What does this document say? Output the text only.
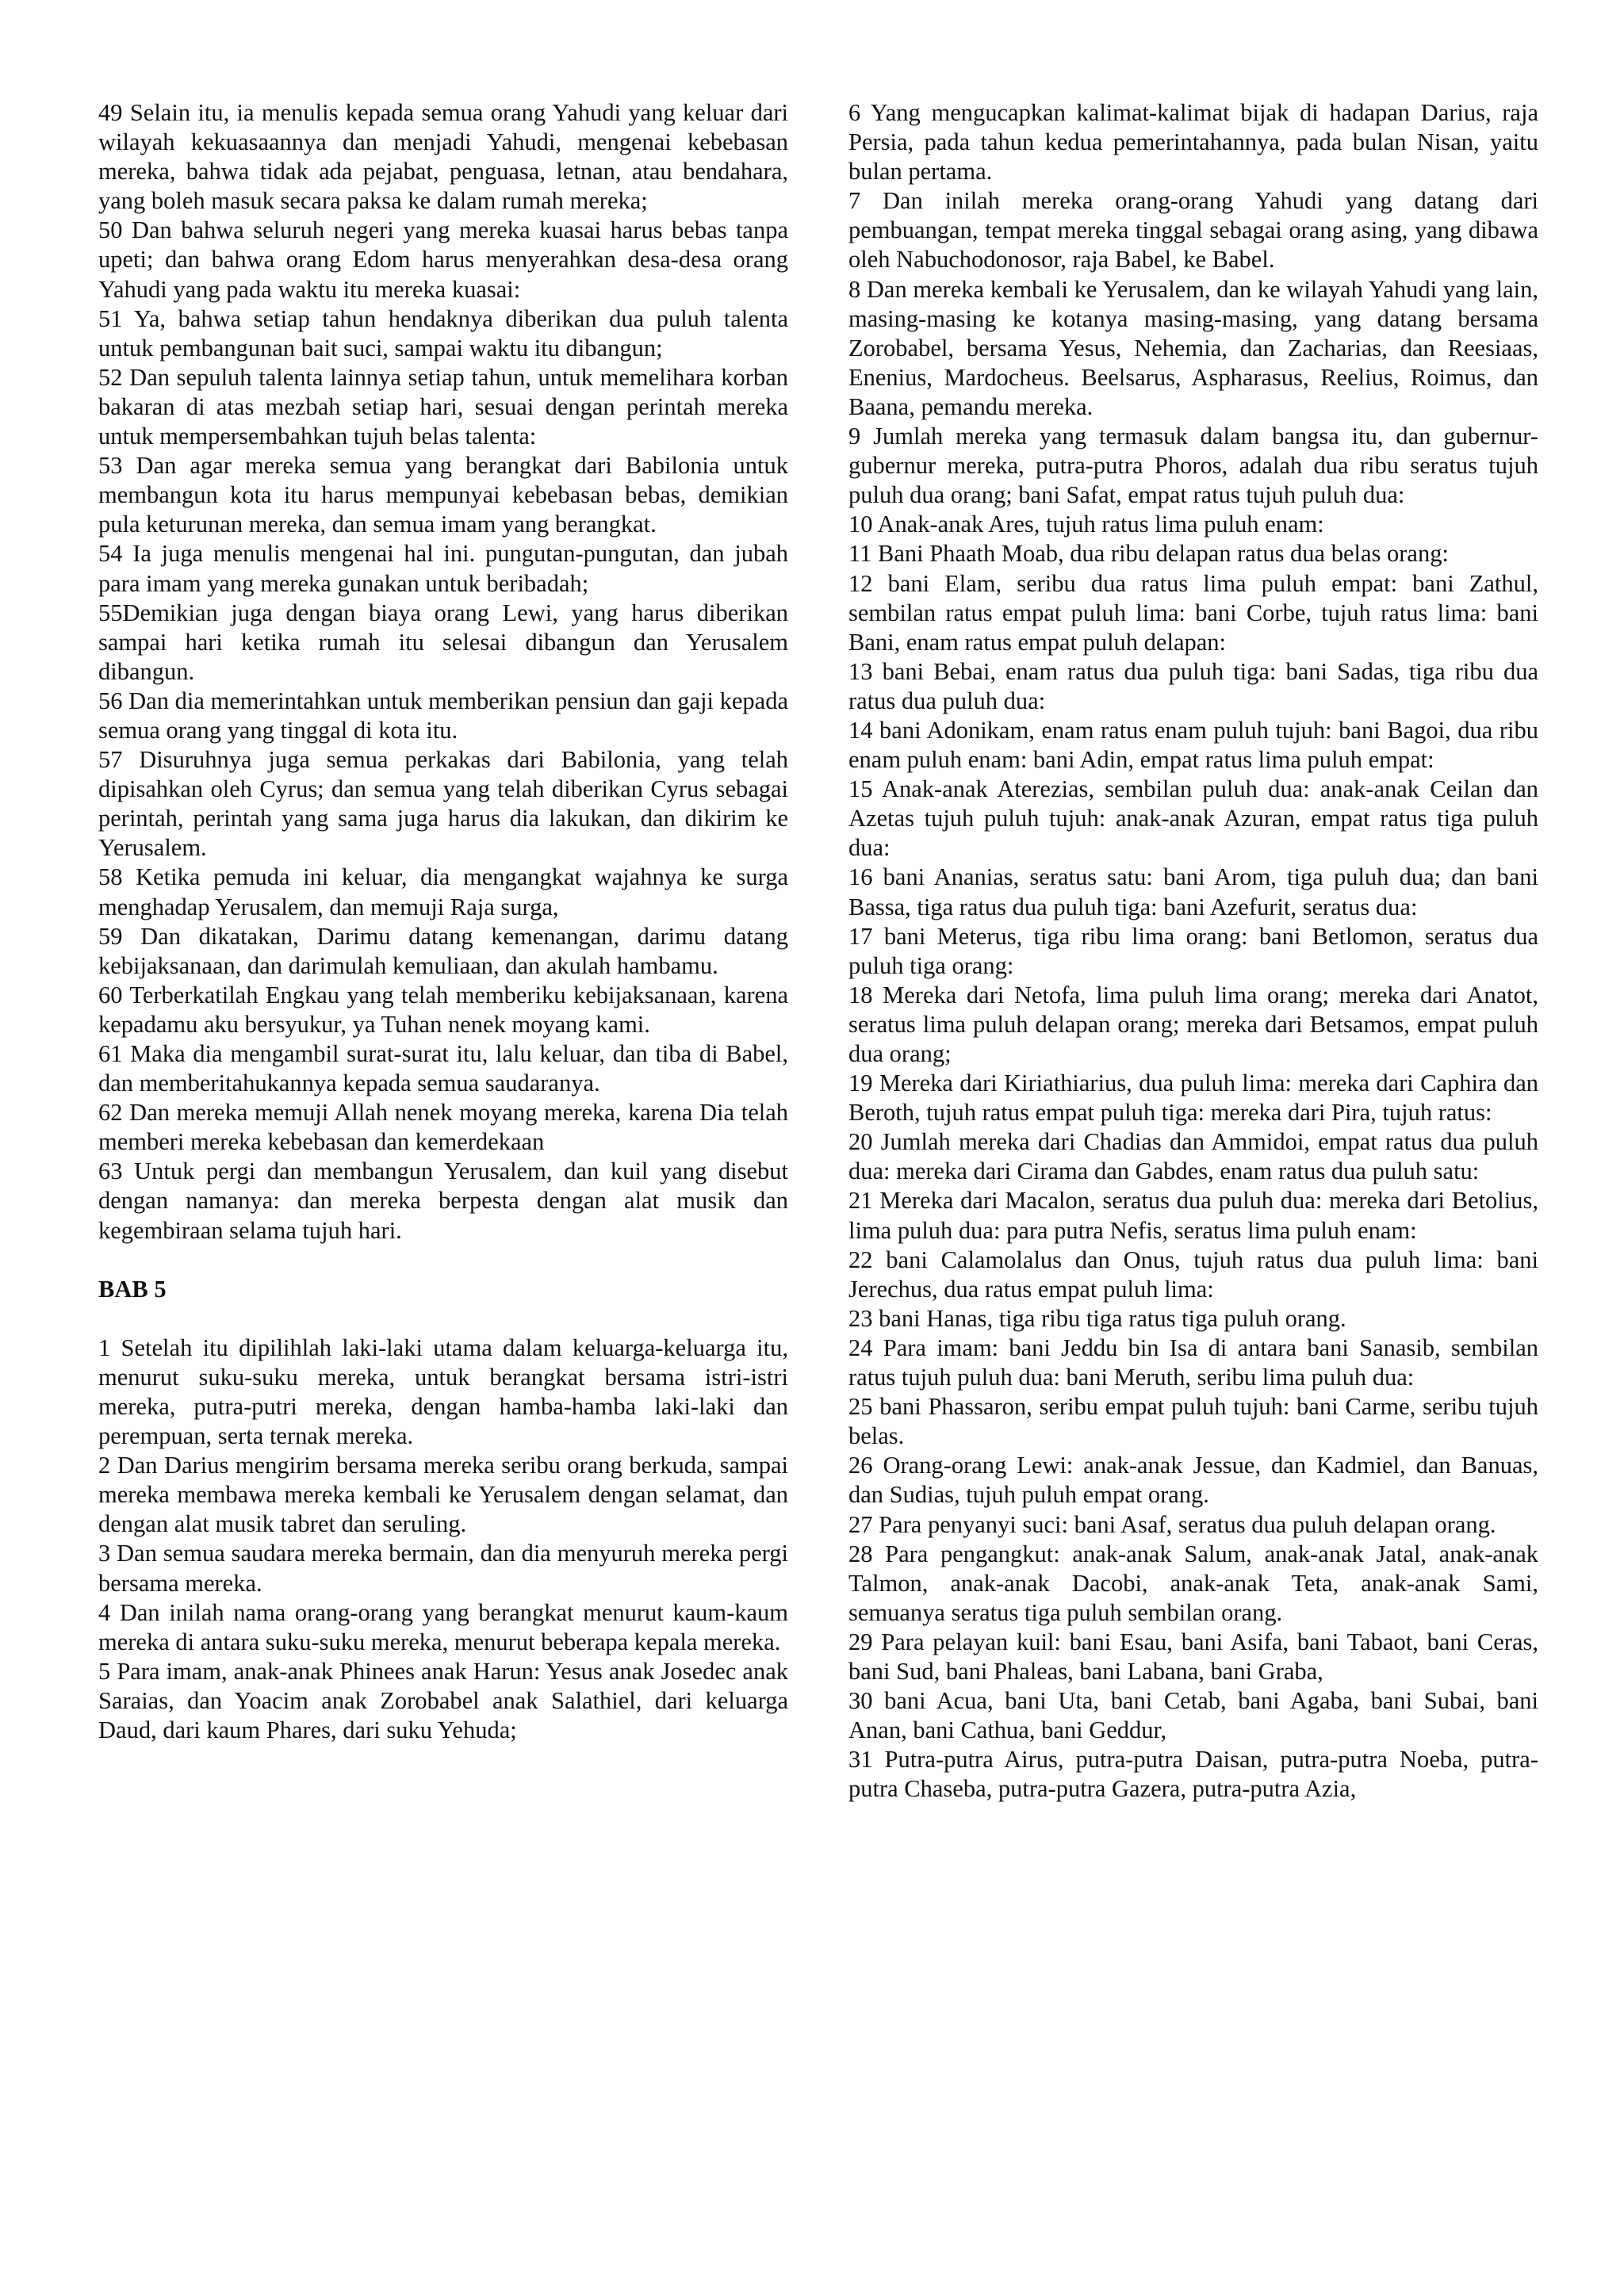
49 Selain itu, ia menulis kepada semua orang Yahudi yang keluar dari wilayah kekuasaannya dan menjadi Yahudi, mengenai kebebasan mereka, bahwa tidak ada pejabat, penguasa, letnan, atau bendahara, yang boleh masuk secara paksa ke dalam rumah mereka;

50 Dan bahwa seluruh negeri yang mereka kuasai harus bebas tanpa upeti; dan bahwa orang Edom harus menyerahkan desa-desa orang Yahudi yang pada waktu itu mereka kuasai:

51 Ya, bahwa setiap tahun hendaknya diberikan dua puluh talenta untuk pembangunan bait suci, sampai waktu itu dibangun;

52 Dan sepuluh talenta lainnya setiap tahun, untuk memelihara korban bakaran di atas mezbah setiap hari, sesuai dengan perintah mereka untuk mempersembahkan tujuh belas talenta:

53 Dan agar mereka semua yang berangkat dari Babilonia untuk membangun kota itu harus mempunyai kebebasan bebas, demikian pula keturunan mereka, dan semua imam yang berangkat.

54 Ia juga menulis mengenai hal ini. pungutan-pungutan, dan jubah para imam yang mereka gunakan untuk beribadah;

55Demikian juga dengan biaya orang Lewi, yang harus diberikan sampai hari ketika rumah itu selesai dibangun dan Yerusalem dibangun.

56 Dan dia memerintahkan untuk memberikan pensiun dan gaji kepada semua orang yang tinggal di kota itu.

57 Disuruhnya juga semua perkakas dari Babilonia, yang telah dipisahkan oleh Cyrus; dan semua yang telah diberikan Cyrus sebagai perintah, perintah yang sama juga harus dia lakukan, dan dikirim ke Yerusalem.

58 Ketika pemuda ini keluar, dia mengangkat wajahnya ke surga menghadap Yerusalem, dan memuji Raja surga,

59 Dan dikatakan, Darimu datang kemenangan, darimu datang kebijaksanaan, dan darimulah kemuliaan, dan akulah hambamu.

60 Terberkatilah Engkau yang telah memberiku kebijaksanaan, karena kepadamu aku bersyukur, ya Tuhan nenek moyang kami.

61 Maka dia mengambil surat-surat itu, lalu keluar, dan tiba di Babel, dan memberitahukannya kepada semua saudaranya.

62 Dan mereka memuji Allah nenek moyang mereka, karena Dia telah memberi mereka kebebasan dan kemerdekaan

63 Untuk pergi dan membangun Yerusalem, dan kuil yang disebut dengan namanya: dan mereka berpesta dengan alat musik dan kegembiraan selama tujuh hari.

BAB 5

1 Setelah itu dipilihlah laki-laki utama dalam keluarga-keluarga itu, menurut suku-suku mereka, untuk berangkat bersama istri-istri mereka, putra-putri mereka, dengan hamba-hamba laki-laki dan perempuan, serta ternak mereka.

2 Dan Darius mengirim bersama mereka seribu orang berkuda, sampai mereka membawa mereka kembali ke Yerusalem dengan selamat, dan dengan alat musik tabret dan seruling.

3 Dan semua saudara mereka bermain, dan dia menyuruh mereka pergi bersama mereka.

4 Dan inilah nama orang-orang yang berangkat menurut kaum-kaum mereka di antara suku-suku mereka, menurut beberapa kepala mereka.

5 Para imam, anak-anak Phinees anak Harun: Yesus anak Josedec anak Saraias, dan Yoacim anak Zorobabel anak Salathiel, dari keluarga Daud, dari kaum Phares, dari suku Yehuda;

6 Yang mengucapkan kalimat-kalimat bijak di hadapan Darius, raja Persia, pada tahun kedua pemerintahannya, pada bulan Nisan, yaitu bulan pertama.

7 Dan inilah mereka orang-orang Yahudi yang datang dari pembuangan, tempat mereka tinggal sebagai orang asing, yang dibawa oleh Nabuchodonosor, raja Babel, ke Babel.

8 Dan mereka kembali ke Yerusalem, dan ke wilayah Yahudi yang lain, masing-masing ke kotanya masing-masing, yang datang bersama Zorobabel, bersama Yesus, Nehemia, dan Zacharias, dan Reesiaas, Enenius, Mardocheus. Beelsarus, Aspharasus, Reelius, Roimus, dan Baana, pemandu mereka.

9 Jumlah mereka yang termasuk dalam bangsa itu, dan gubernur-gubernur mereka, putra-putra Phoros, adalah dua ribu seratus tujuh puluh dua orang; bani Safat, empat ratus tujuh puluh dua:

10 Anak-anak Ares, tujuh ratus lima puluh enam:

11 Bani Phaath Moab, dua ribu delapan ratus dua belas orang:

12 bani Elam, seribu dua ratus lima puluh empat: bani Zathul, sembilan ratus empat puluh lima: bani Corbe, tujuh ratus lima: bani Bani, enam ratus empat puluh delapan:

13 bani Bebai, enam ratus dua puluh tiga: bani Sadas, tiga ribu dua ratus dua puluh dua:

14 bani Adonikam, enam ratus enam puluh tujuh: bani Bagoi, dua ribu enam puluh enam: bani Adin, empat ratus lima puluh empat:

15 Anak-anak Aterezias, sembilan puluh dua: anak-anak Ceilan dan Azetas tujuh puluh tujuh: anak-anak Azuran, empat ratus tiga puluh dua:

16 bani Ananias, seratus satu: bani Arom, tiga puluh dua; dan bani Bassa, tiga ratus dua puluh tiga: bani Azefurit, seratus dua:

17 bani Meterus, tiga ribu lima orang: bani Betlomon, seratus dua puluh tiga orang:

18 Mereka dari Netofa, lima puluh lima orang; mereka dari Anatot, seratus lima puluh delapan orang; mereka dari Betsamos, empat puluh dua orang;

19 Mereka dari Kiriathiarius, dua puluh lima: mereka dari Caphira dan Beroth, tujuh ratus empat puluh tiga: mereka dari Pira, tujuh ratus:

20 Jumlah mereka dari Chadias dan Ammidoi, empat ratus dua puluh dua: mereka dari Cirama dan Gabdes, enam ratus dua puluh satu:

21 Mereka dari Macalon, seratus dua puluh dua: mereka dari Betolius, lima puluh dua: para putra Nefis, seratus lima puluh enam:

22 bani Calamolalus dan Onus, tujuh ratus dua puluh lima: bani Jerechus, dua ratus empat puluh lima:

23 bani Hanas, tiga ribu tiga ratus tiga puluh orang.

24 Para imam: bani Jeddu bin Isa di antara bani Sanasib, sembilan ratus tujuh puluh dua: bani Meruth, seribu lima puluh dua:

25 bani Phassaron, seribu empat puluh tujuh: bani Carme, seribu tujuh belas.

26 Orang-orang Lewi: anak-anak Jessue, dan Kadmiel, dan Banuas, dan Sudias, tujuh puluh empat orang.

27 Para penyanyi suci: bani Asaf, seratus dua puluh delapan orang.

28 Para pengangkut: anak-anak Salum, anak-anak Jatal, anak-anak Talmon, anak-anak Dacobi, anak-anak Teta, anak-anak Sami, semuanya seratus tiga puluh sembilan orang.

29 Para pelayan kuil: bani Esau, bani Asifa, bani Tabaot, bani Ceras, bani Sud, bani Phaleas, bani Labana, bani Graba,

30 bani Acua, bani Uta, bani Cetab, bani Agaba, bani Subai, bani Anan, bani Cathua, bani Geddur,

31 Putra-putra Airus, putra-putra Daisan, putra-putra Noeba, putra-putra Chaseba, putra-putra Gazera, putra-putra Azia,
